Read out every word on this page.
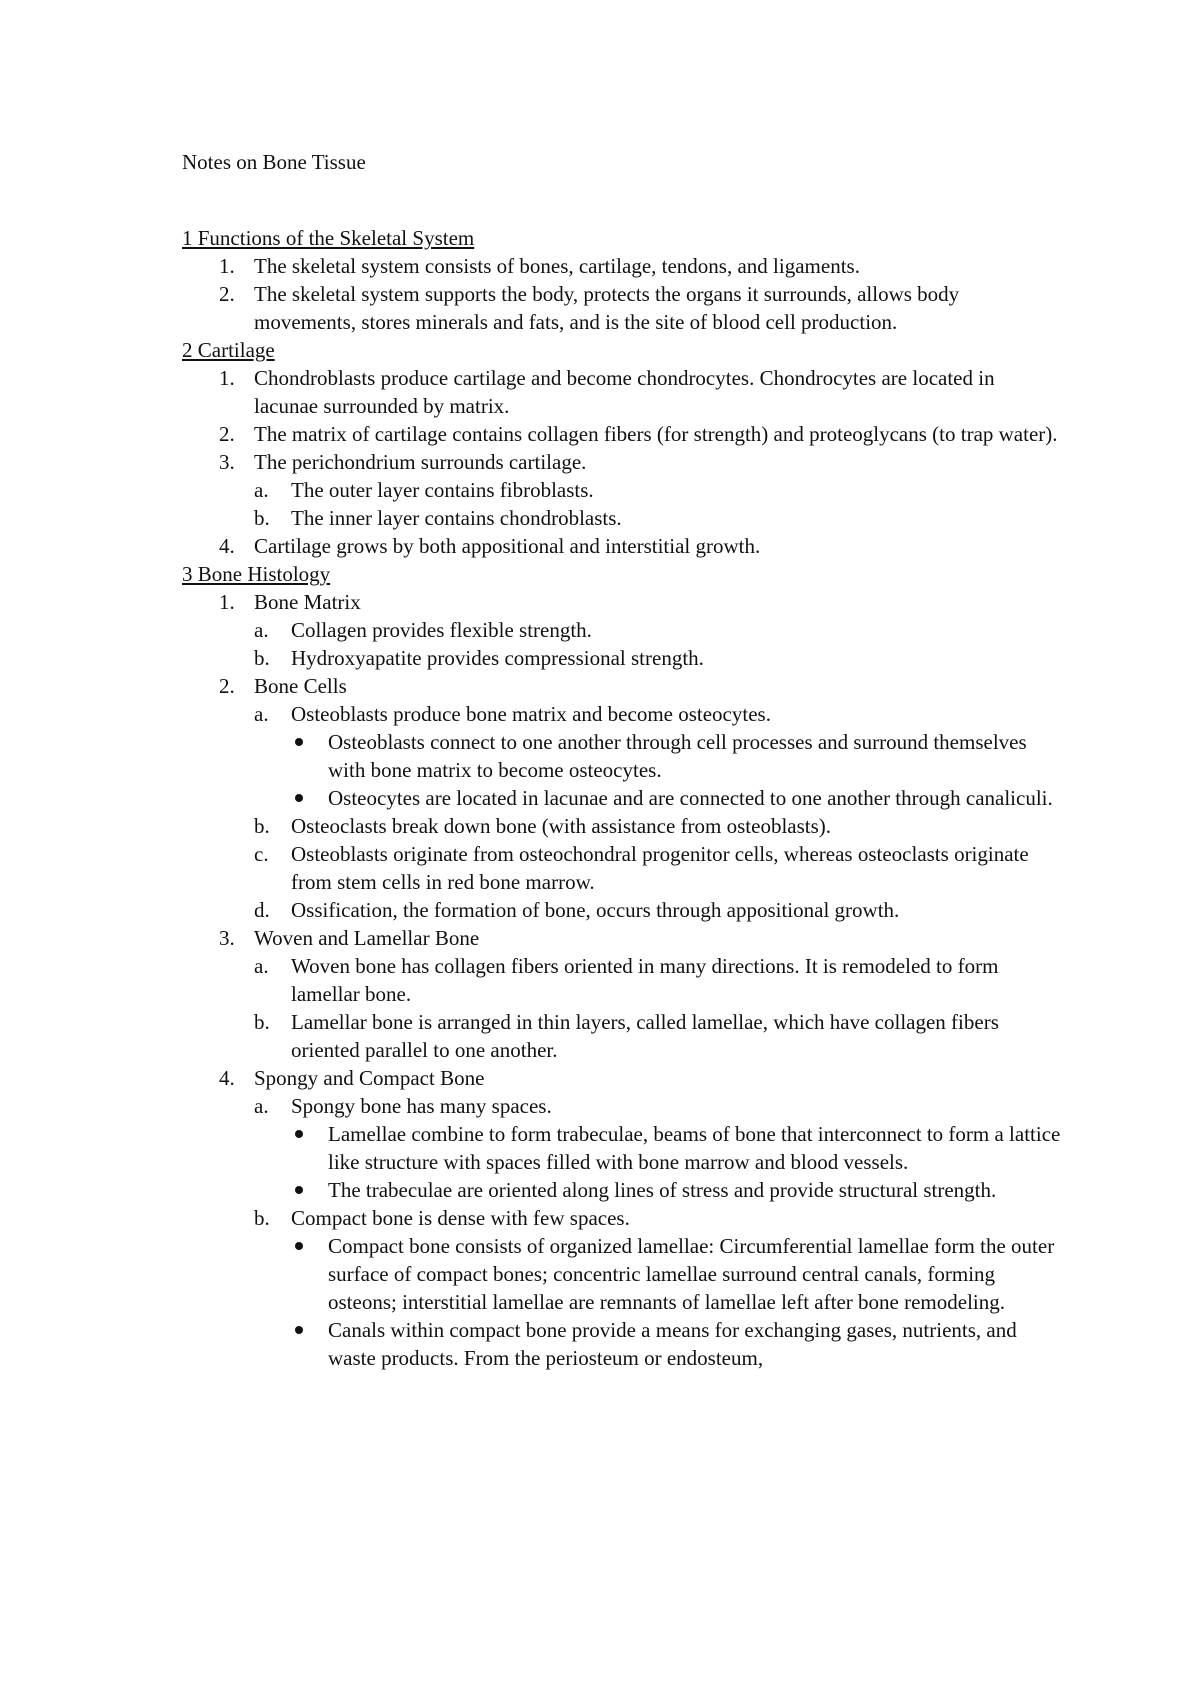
Notes on Bone Tissue
1 Functions of the Skeletal System
1. The skeletal system consists of bones, cartilage, tendons, and ligaments.
2. The skeletal system supports the body, protects the organs it surrounds, allows body movements, stores minerals and fats, and is the site of blood cell production.
2 Cartilage
1. Chondroblasts produce cartilage and become chondrocytes. Chondrocytes are located in lacunae surrounded by matrix.
2. The matrix of cartilage contains collagen fibers (for strength) and proteoglycans (to trap water).
3. The perichondrium surrounds cartilage.
a. The outer layer contains fibroblasts.
b. The inner layer contains chondroblasts.
4. Cartilage grows by both appositional and interstitial growth.
3 Bone Histology
1. Bone Matrix
a. Collagen provides flexible strength.
b. Hydroxyapatite provides compressional strength.
2. Bone Cells
a. Osteoblasts produce bone matrix and become osteocytes.
Osteoblasts connect to one another through cell processes and surround themselves with bone matrix to become osteocytes.
Osteocytes are located in lacunae and are connected to one another through canaliculi.
b. Osteoclasts break down bone (with assistance from osteoblasts).
c. Osteoblasts originate from osteochondral progenitor cells, whereas osteoclasts originate from stem cells in red bone marrow.
d. Ossification, the formation of bone, occurs through appositional growth.
3. Woven and Lamellar Bone
a. Woven bone has collagen fibers oriented in many directions. It is remodeled to form lamellar bone.
b. Lamellar bone is arranged in thin layers, called lamellae, which have collagen fibers oriented parallel to one another.
4. Spongy and Compact Bone
a. Spongy bone has many spaces.
Lamellae combine to form trabeculae, beams of bone that interconnect to form a lattice like structure with spaces filled with bone marrow and blood vessels.
The trabeculae are oriented along lines of stress and provide structural strength.
b. Compact bone is dense with few spaces.
Compact bone consists of organized lamellae: Circumferential lamellae form the outer surface of compact bones; concentric lamellae surround central canals, forming osteons; interstitial lamellae are remnants of lamellae left after bone remodeling.
Canals within compact bone provide a means for exchanging gases, nutrients, and waste products. From the periosteum or endosteum,
